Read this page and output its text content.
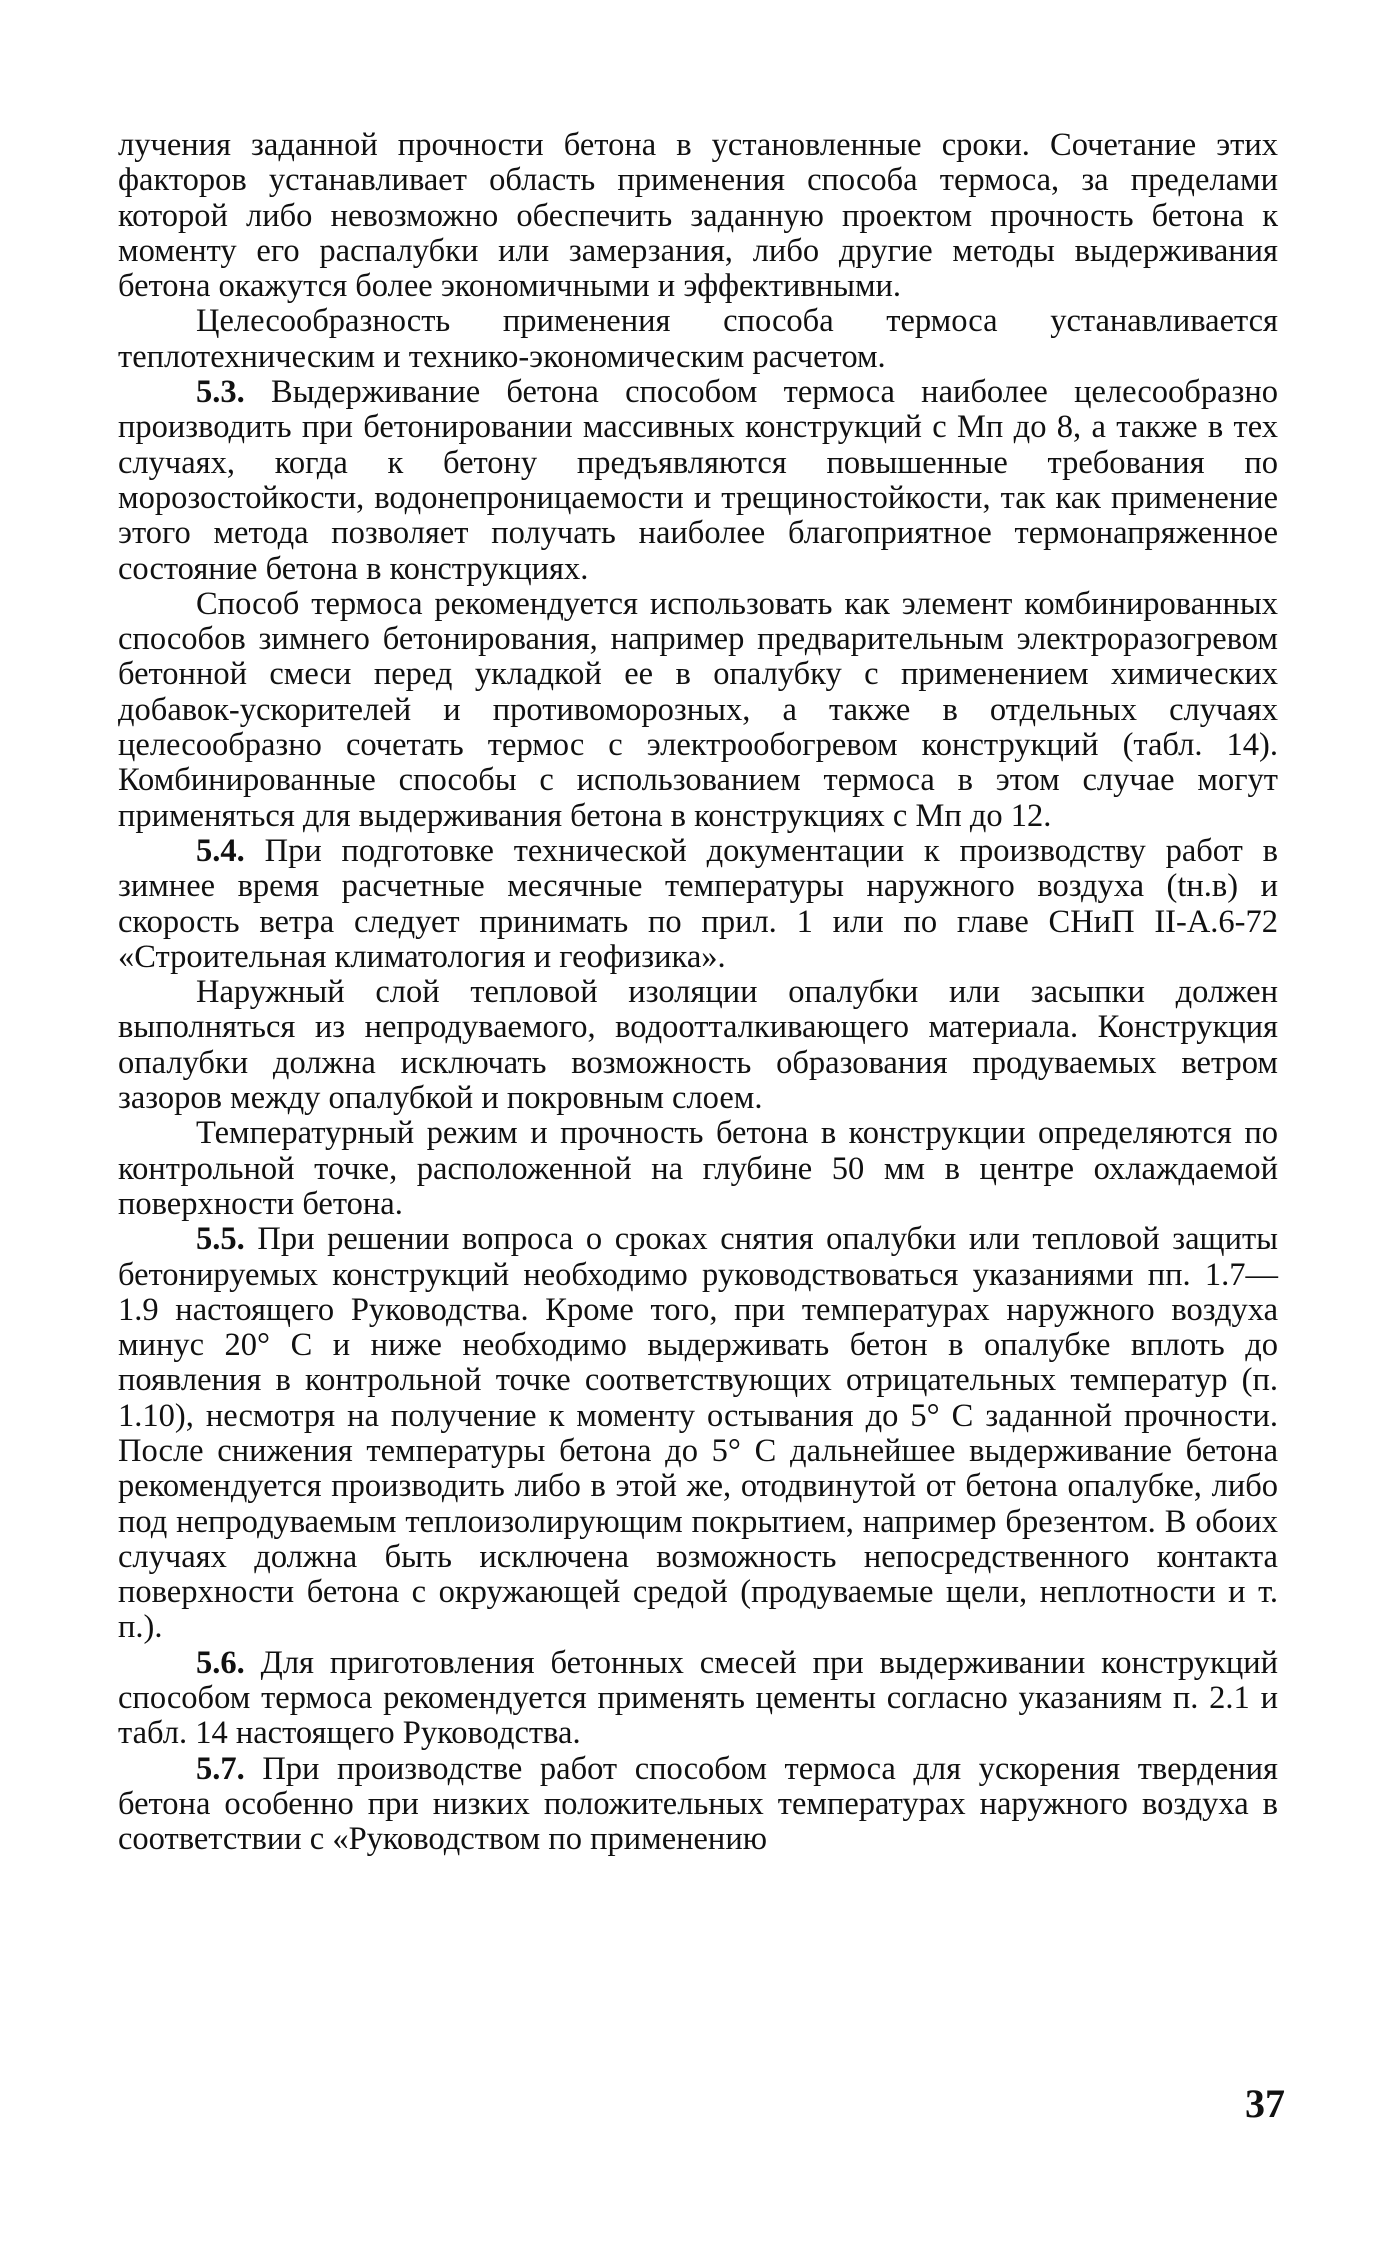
лучения заданной прочности бетона в установленные сроки. Сочетание этих факторов устанавливает область применения способа термоса, за пределами которой либо невозможно обеспечить заданную проектом прочность бетона к моменту его распалубки или замерзания, либо другие методы выдерживания бетона окажутся более экономичными и эффективными.

Целесообразность применения способа термоса устанавливается теплотехническим и технико-экономическим расчетом.

5.3. Выдерживание бетона способом термоса наиболее целесообразно производить при бетонировании массивных конструкций с Mп до 8, а также в тех случаях, когда к бетону предъявляются повышенные требования по морозостойкости, водонепроницаемости и трещиностойкости, так как применение этого метода позволяет получать наиболее благоприятное термонапряженное состояние бетона в конструкциях.

Способ термоса рекомендуется использовать как элемент комбинированных способов зимнего бетонирования, например предварительным электроразогревом бетонной смеси перед укладкой ее в опалубку с применением химических добавок-ускорителей и противоморозных, а также в отдельных случаях целесообразно сочетать термос с электрообогревом конструкций (табл. 14). Комбинированные способы с использованием термоса в этом случае могут применяться для выдерживания бетона в конструкциях с Mп до 12.

5.4. При подготовке технической документации к производству работ в зимнее время расчетные месячные температуры наружного воздуха (tн.в) и скорость ветра следует принимать по прил. 1 или по главе СНиП II-А.6-72 «Строительная климатология и геофизика».

Наружный слой тепловой изоляции опалубки или засыпки должен выполняться из непродуваемого, водоотталкивающего материала. Конструкция опалубки должна исключать возможность образования продуваемых ветром зазоров между опалубкой и покровным слоем.

Температурный режим и прочность бетона в конструкции определяются по контрольной точке, расположенной на глубине 50 мм в центре охлаждаемой поверхности бетона.

5.5. При решении вопроса о сроках снятия опалубки или тепловой защиты бетонируемых конструкций необходимо руководствоваться указаниями пп. 1.7—1.9 настоящего Руководства. Кроме того, при температурах наружного воздуха минус 20° С и ниже необходимо выдерживать бетон в опалубке вплоть до появления в контрольной точке соответствующих отрицательных температур (п. 1.10), несмотря на получение к моменту остывания до 5° С заданной прочности. После снижения температуры бетона до 5° С дальнейшее выдерживание бетона рекомендуется производить либо в этой же, отодвинутой от бетона опалубке, либо под непродуваемым теплоизолирующим покрытием, например брезентом. В обоих случаях должна быть исключена возможность непосредственного контакта поверхности бетона с окружающей средой (продуваемые щели, неплотности и т. п.).

5.6. Для приготовления бетонных смесей при выдерживании конструкций способом термоса рекомендуется применять цементы согласно указаниям п. 2.1 и табл. 14 настоящего Руководства.

5.7. При производстве работ способом термоса для ускорения твердения бетона особенно при низких положительных температурах наружного воздуха в соответствии с «Руководством по применению

37
